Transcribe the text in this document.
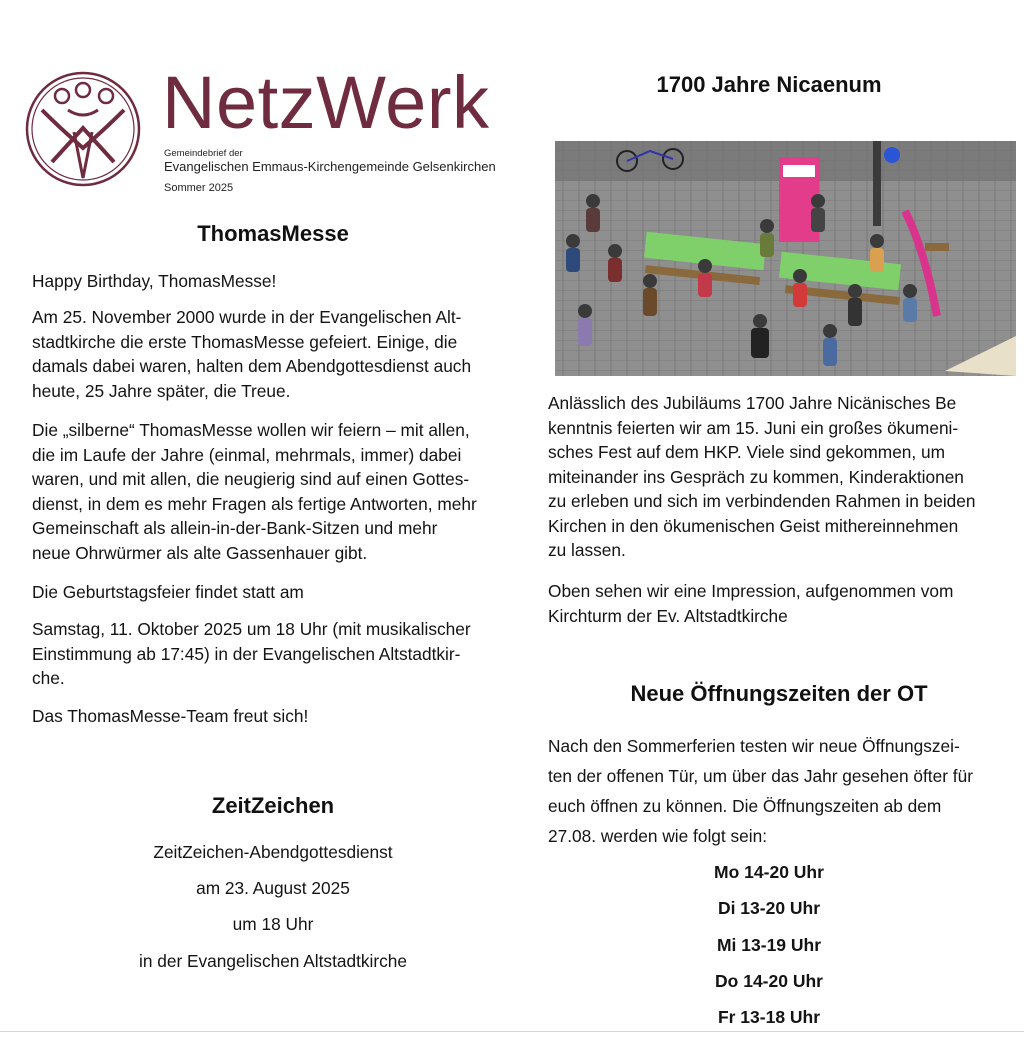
NetzWerk
Gemeindebrief der
Evangelischen Emmaus-Kirchengemeinde Gelsenkirchen
Sommer 2025
ThomasMesse

Happy Birthday, ThomasMesse!

Am 25. November 2000 wurde in der Evangelischen Alt-

stadtkirche die erste ThomasMesse gefeiert. Einige, die

damals dabei waren, halten dem Abendgottesdienst auch

heute, 25 Jahre später, die Treue.

Die „silberne“ ThomasMesse wollen wir feiern – mit allen,

die im Laufe der Jahre (einmal, mehrmals, immer) dabei

waren, und mit allen, die neugierig sind auf einen Gottes-

dienst, in dem es mehr Fragen als fertige Antworten, mehr

Gemeinschaft als allein-in-der-Bank-Sitzen und mehr

neue Ohrwürmer als alte Gassenhauer gibt.

Die Geburtstagsfeier findet statt am

Samstag, 11. Oktober 2025 um 18 Uhr (mit musikalischer

Einstimmung ab 17:45) in der Evangelischen Altstadtkir-

che.

Das ThomasMesse-Team freut sich!

ZeitZeichen
ZeitZeichen-Abendgottesdienst
am 23. August 2025
um 18 Uhr
in der Evangelischen Altstadtkirche
1700 Jahre Nicaenum

Anlässlich des Jubiläums 1700 Jahre Nicänisches Be

kenntnis feierten wir am 15. Juni ein großes ökumeni-

sches Fest auf dem HKP. Viele sind gekommen, um

miteinander ins Gespräch zu kommen, Kinderaktionen

zu erleben und sich im verbindenden Rahmen in beiden

Kirchen in den ökumenischen Geist mithereinnehmen

zu lassen.

Oben sehen wir eine Impression, aufgenommen vom

Kirchturm der Ev. Altstadtkirche

Neue Öffnungszeiten der OT

Nach den Sommerferien testen wir neue Öffnungszei-

ten der offenen Tür, um über das Jahr gesehen öfter für

euch öffnen zu können. Die Öffnungszeiten ab dem

27.08. werden wie folgt sein:

Mo 14-20 Uhr
Di 13-20 Uhr
Mi 13-19 Uhr
Do 14-20 Uhr
Fr 13-18 Uhr
